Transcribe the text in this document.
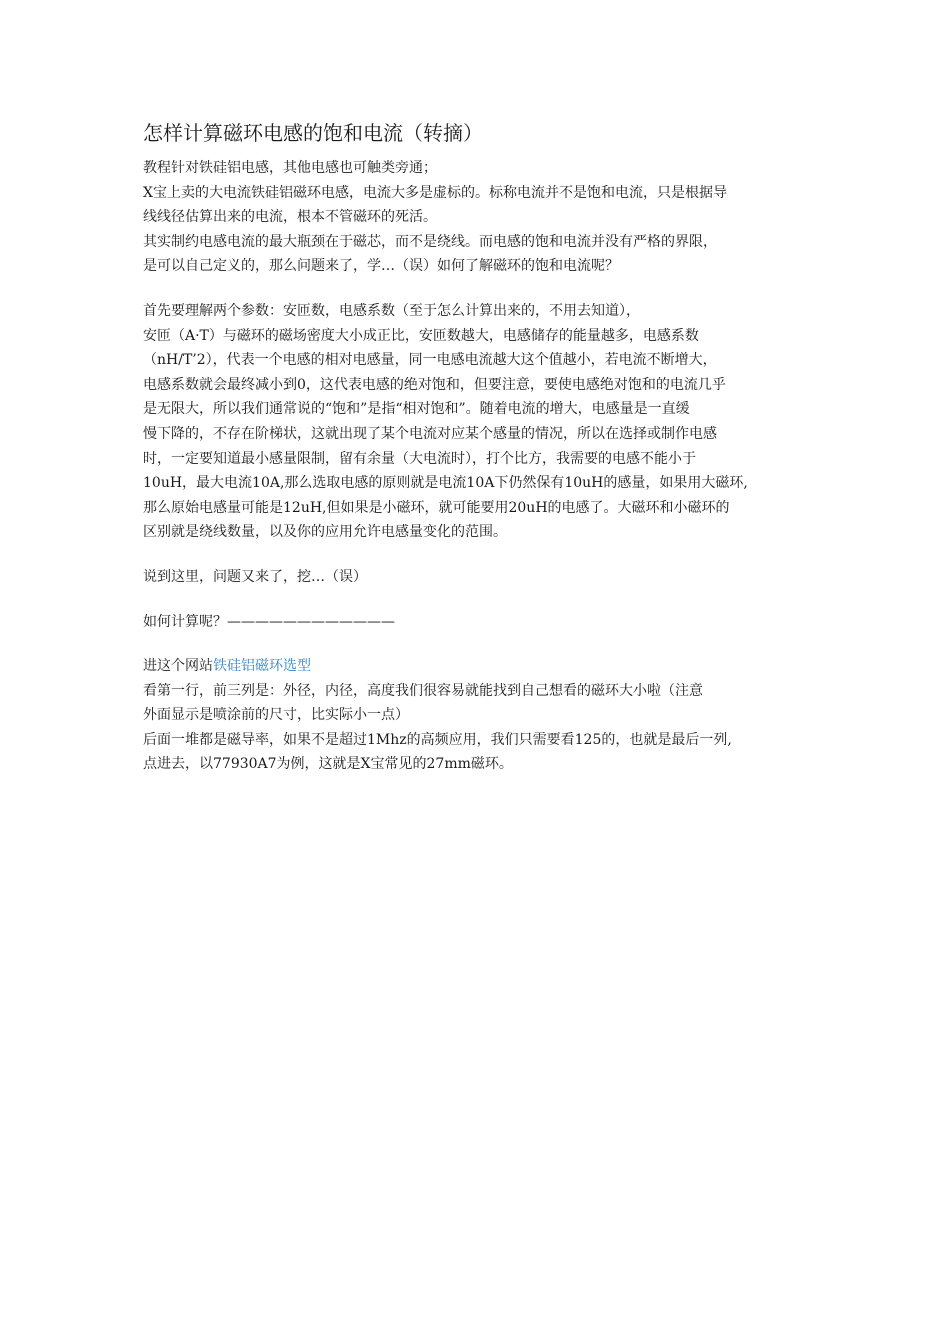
怎样计算磁环电感的饱和电流（转摘）
教程针对铁硅铝电感，其他电感也可触类旁通；
X宝上卖的大电流铁硅铝磁环电感，电流大多是虚标的。标称电流并不是饱和电流，只是根据导
线线径估算出来的电流，根本不管磁环的死活。
其实制约电感电流的最大瓶颈在于磁芯，而不是绕线。而电感的饱和电流并没有严格的界限，
是可以自己定义的，那么问题来了，学…（误）如何了解磁环的饱和电流呢？
首先要理解两个参数：安匝数，电感系数（至于怎么计算出来的，不用去知道），
安匝（A·T）与磁环的磁场密度大小成正比，安匝数越大，电感储存的能量越多，电感系数
（nH/T’2），代表一个电感的相对电感量，同一电感电流越大这个值越小，若电流不断增大，
电感系数就会最终减小到0，这代表电感的绝对饱和，但要注意，要使电感绝对饱和的电流几乎
是无限大，所以我们通常说的“饱和”是指“相对饱和”。随着电流的增大，电感量是一直缓
慢下降的，不存在阶梯状，这就出现了某个电流对应某个感量的情况，所以在选择或制作电感
时，一定要知道最小感量限制，留有余量（大电流时），打个比方，我需要的电感不能小于
10uH，最大电流10A,那么选取电感的原则就是电流10A下仍然保有10uH的感量，如果用大磁环,
那么原始电感量可能是12uH,但如果是小磁环，就可能要用20uH的电感了。大磁环和小磁环的
区别就是绕线数量，以及你的应用允许电感量变化的范围。
说到这里，问题又来了，挖…（误）
如何计算呢？————————————
进这个网站铁硅铝磁环选型
看第一行，前三列是：外径，内径，高度我们很容易就能找到自己想看的磁环大小啦（注意
外面显示是喷涂前的尺寸，比实际小一点）
后面一堆都是磁导率，如果不是超过1Mhz的高频应用，我们只需要看125的，也就是最后一列,
点进去，以77930A7为例，这就是X宝常见的27mm磁环。
